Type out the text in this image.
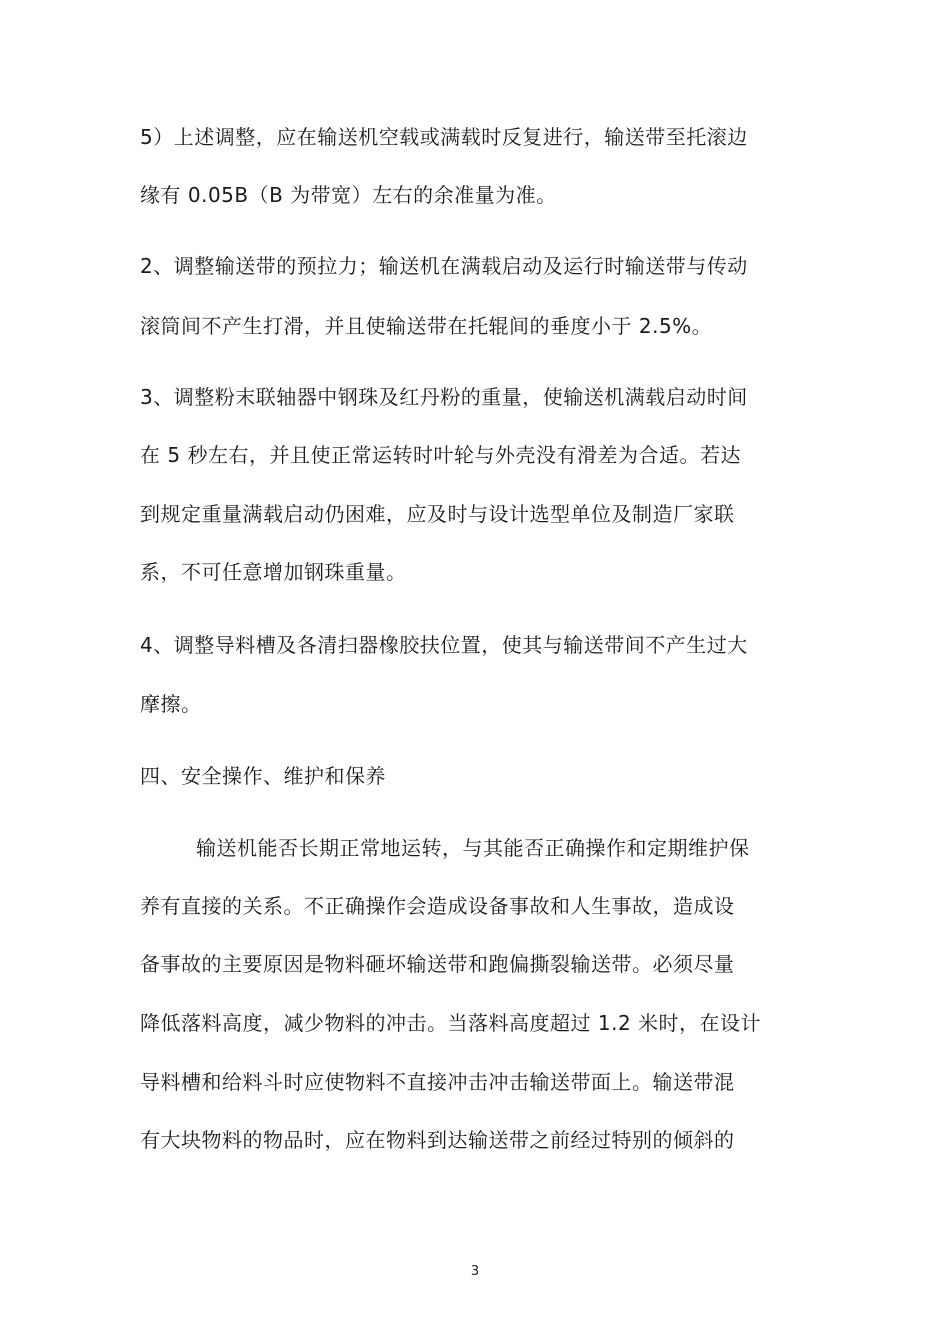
5）上述调整，应在输送机空载或满载时反复进行，输送带至托滚边
缘有 0.05B（B 为带宽）左右的余准量为准。
2、调整输送带的预拉力；输送机在满载启动及运行时输送带与传动
滚筒间不产生打滑，并且使输送带在托辊间的垂度小于 2.5%。
3、调整粉末联轴器中钢珠及红丹粉的重量，使输送机满载启动时间
在 5 秒左右，并且使正常运转时叶轮与外壳没有滑差为合适。若达
到规定重量满载启动仍困难，应及时与设计选型单位及制造厂家联
系，不可任意增加钢珠重量。
4、调整导料槽及各清扫器橡胶扶位置，使其与输送带间不产生过大
摩擦。
四、安全操作、维护和保养
输送机能否长期正常地运转，与其能否正确操作和定期维护保
养有直接的关系。不正确操作会造成设备事故和人生事故，造成设
备事故的主要原因是物料砸坏输送带和跑偏撕裂输送带。必须尽量
降低落料高度，减少物料的冲击。当落料高度超过 1.2 米时，在设计
导料槽和给料斗时应使物料不直接冲击冲击输送带面上。输送带混
有大块物料的物品时，应在物料到达输送带之前经过特别的倾斜的
3
